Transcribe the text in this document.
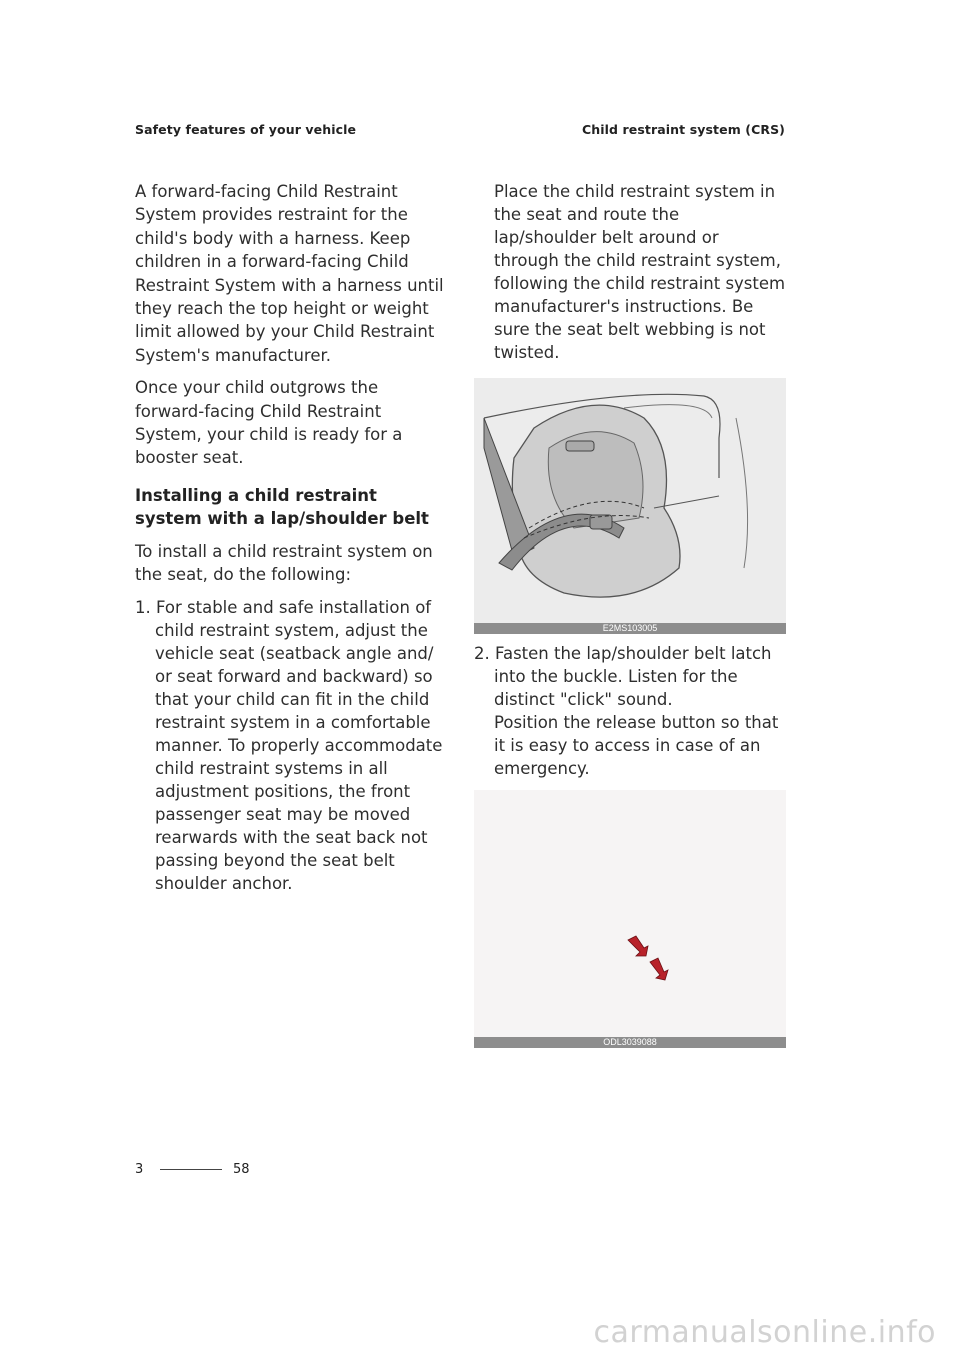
Safety features of your vehicle	Child restraint system (CRS)

A forward-facing Child Restraint System provides restraint for the child's body with a harness. Keep children in a forward-facing Child Restraint System with a harness until they reach the top height or weight limit allowed by your Child Restraint System's manufacturer.

Once your child outgrows the forward-facing Child Restraint System, your child is ready for a booster seat.

Installing a child restraint system with a lap/shoulder belt

To install a child restraint system on the seat, do the following:

1. For stable and safe installation of child restraint system, adjust the vehicle seat (seatback angle and/ or seat forward and backward) so that your child can fit in the child restraint system in a comfortable manner. To properly accommodate child restraint systems in all adjustment positions, the front passenger seat may be moved rearwards with the seat back not passing beyond the seat belt shoulder anchor.
Place the child restraint system in the seat and route the lap/shoulder belt around or through the child restraint system, following the child restraint system manufacturer's instructions. Be sure the seat belt webbing is not twisted.
E2MS103005
2. Fasten the lap/shoulder belt latch into the buckle. Listen for the distinct "click" sound.
Position the release button so that it is easy to access in case of an emergency.
ODL3039088
3	58
carmanualsonline.info
